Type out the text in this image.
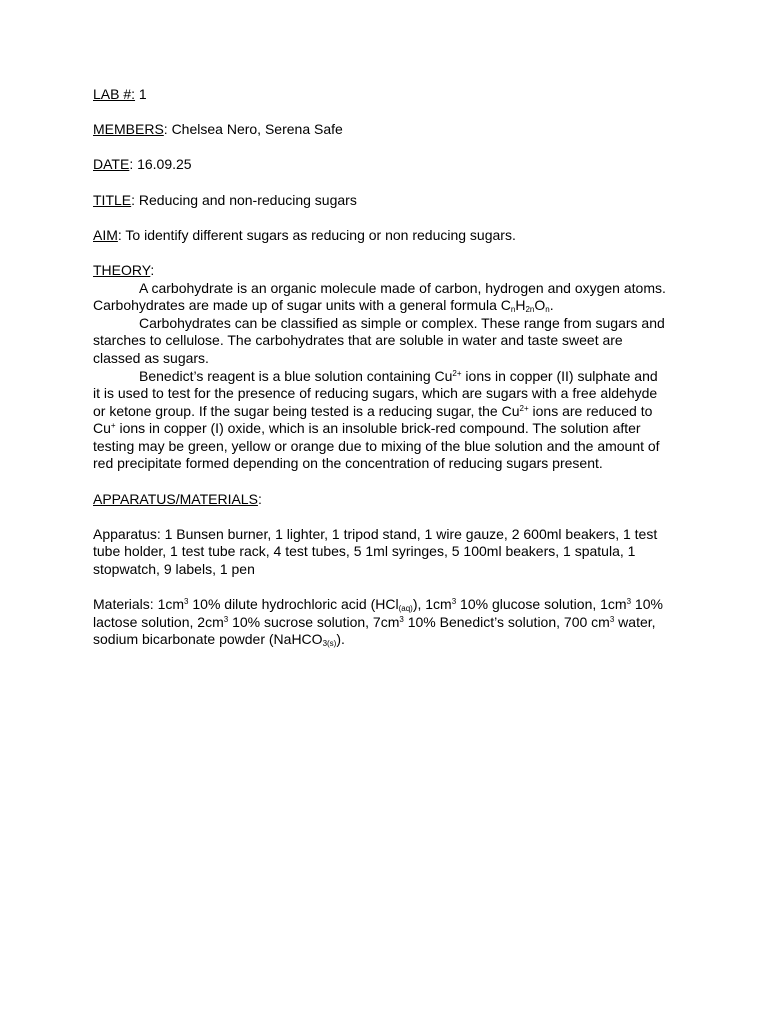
LAB #: 1
MEMBERS: Chelsea Nero, Serena Safe
DATE: 16.09.25
TITLE: Reducing and non-reducing sugars
AIM: To identify different sugars as reducing or non reducing sugars.
THEORY:
A carbohydrate is an organic molecule made of carbon, hydrogen and oxygen atoms.
Carbohydrates are made up of sugar units with a general formula $C_nH_{2n}O_n$.
Carbohydrates can be classified as simple or complex. These range from sugars and
starches to cellulose. The carbohydrates that are soluble in water and taste sweet are
classed as sugars.
Benedict’s reagent is a blue solution containing $Cu^{2+}$ ions in copper (II) sulphate and
it is used to test for the presence of reducing sugars, which are sugars with a free aldehyde
or ketone group. If the sugar being tested is a reducing sugar, the $Cu^{2+}$ ions are reduced to
Cu+ ions in copper (I) oxide, which is an insoluble brick-red compound. The solution after
testing may be green, yellow or orange due to mixing of the blue solution and the amount of
red precipitate formed depending on the concentration of reducing sugars present.
APPARATUS/MATERIALS:
Apparatus: 1 Bunsen burner, 1 lighter, 1 tripod stand, 1 wire gauze, 2 600ml beakers, 1 test
tube holder, 1 test tube rack, 4 test tubes, 5 1ml syringes, 5 100ml beakers, 1 spatula, 1
stopwatch, 9 labels, 1 pen
Materials: $1cm^3$ 10% dilute hydrochloric acid (HCl$_{(aq)}$), $1cm^3$ 10% glucose solution, $1cm^3$ 10%
lactose solution, $2cm^3$ 10% sucrose solution, $7cm^3$ 10% Benedict’s solution, 700 $cm^3$ water,
sodium bicarbonate powder (NaHCO$_{3(s)}$).
